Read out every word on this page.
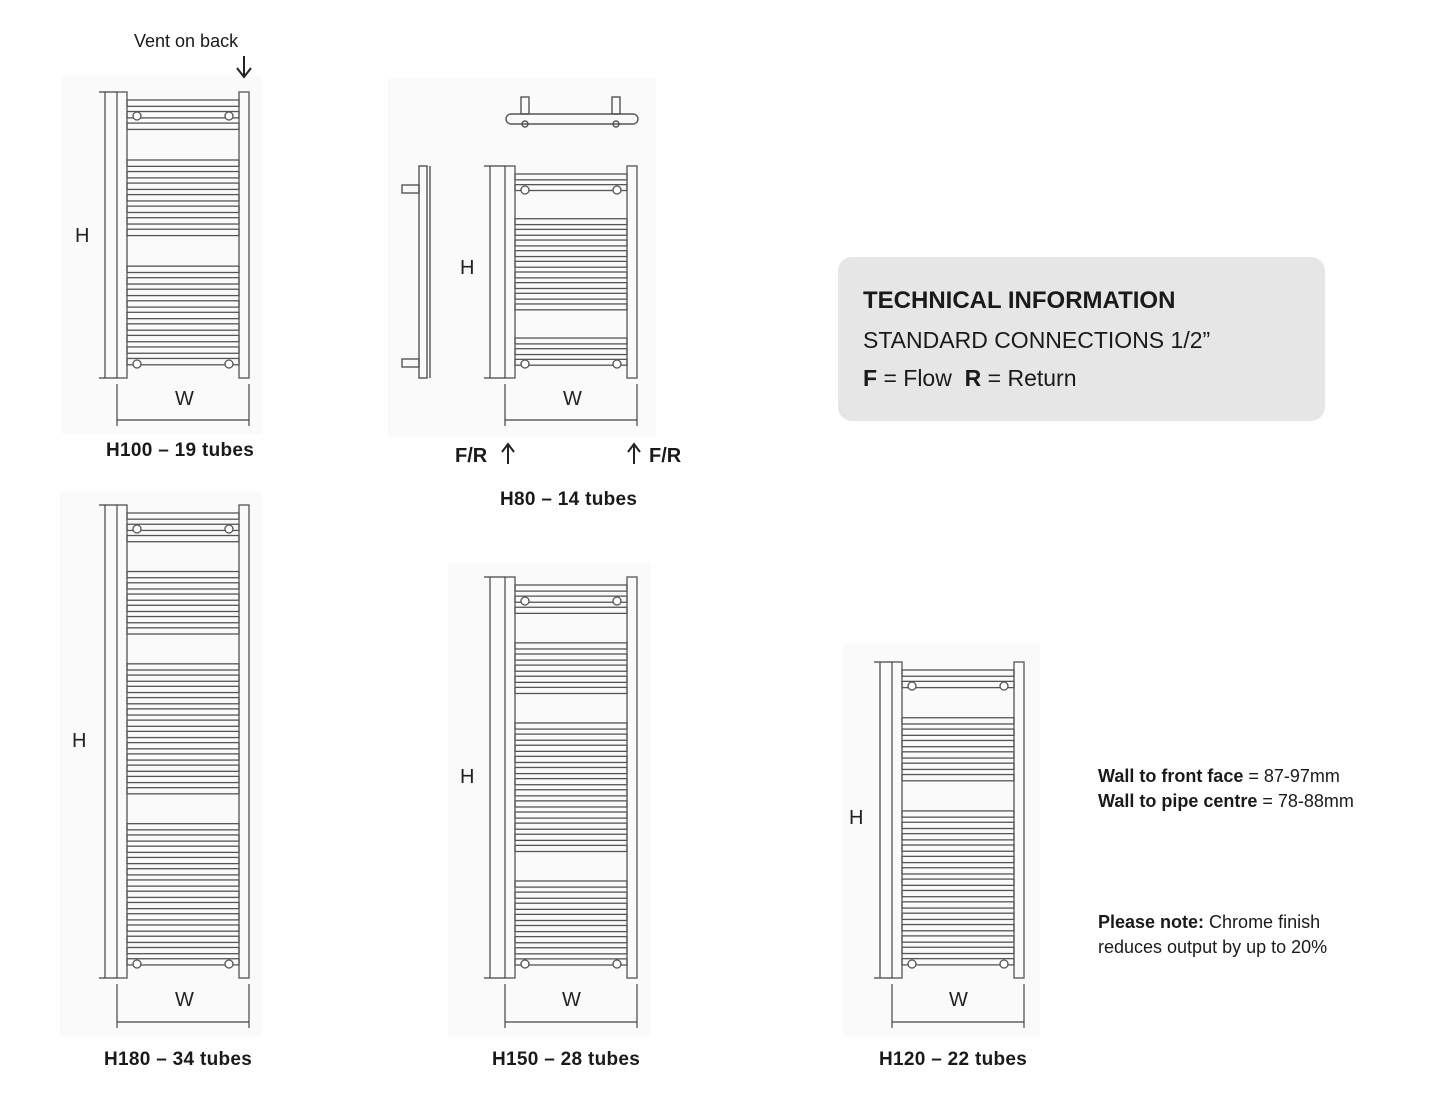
Vent on back
H
W
H
W
H
W
H
W
H
W
H100 – 19 tubes
H80 – 14 tubes
H180 – 34 tubes	H150 – 28 tubes	H120 – 22 tubes
F/R	F/R
TECHNICAL INFORMATION
STANDARD CONNECTIONS 1/2”
F = Flow R = Return
Wall to front face = 87-97mm
Wall to pipe centre = 78-88mm
Please note: Chrome finish
reduces output by up to 20%
